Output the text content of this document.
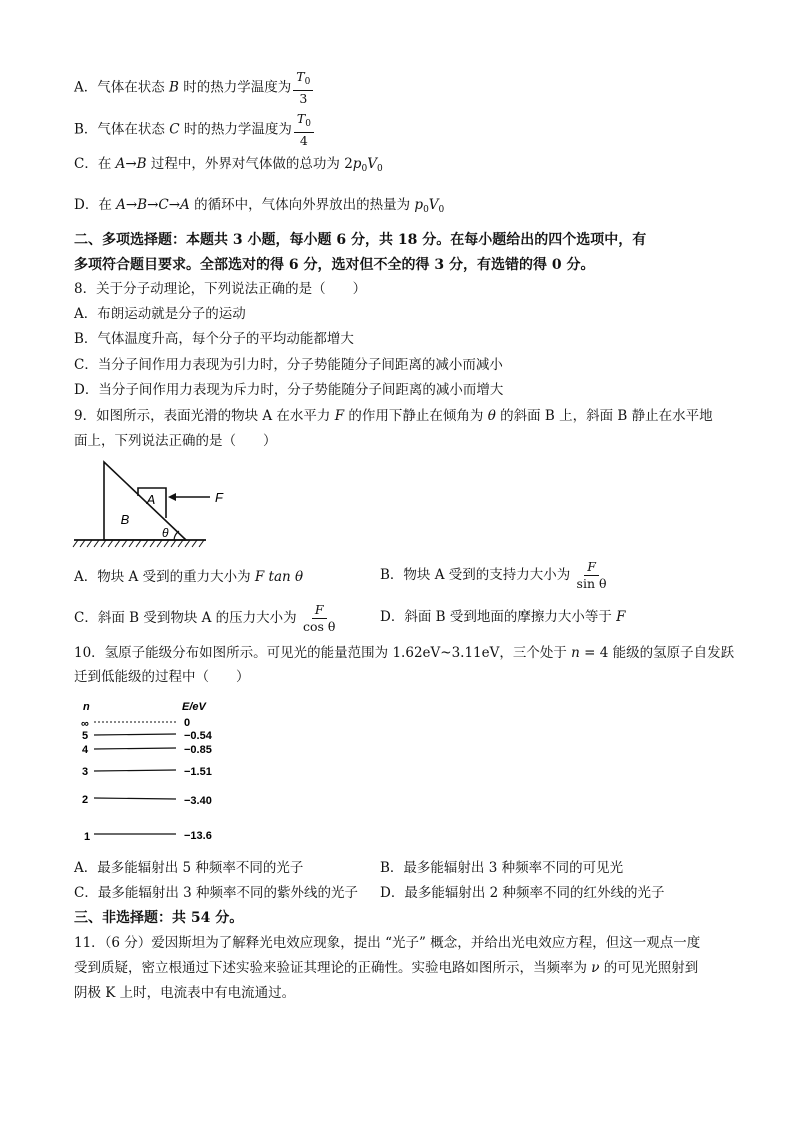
A．气体在状态 B 时的热力学温度为 $\frac{T_0}{3}$
B．气体在状态 C 时的热力学温度为 $\frac{T_0}{4}$
C．在 A→B 过程中，外界对气体做的总功为 $2p_0V_0$
D．在 A→B→C→A 的循环中，气体向外界放出的热量为 $p_0V_0$
二、多项选择题：本题共 3 小题，每小题 6 分，共 18 分。在每小题给出的四个选项中，有
多项符合题目要求。全部选对的得 6 分，选对但不全的得 3 分，有选错的得 0 分。
8．关于分子动理论，下列说法正确的是（　　）
A．布朗运动就是分子的运动
B．气体温度升高，每个分子的平均动能都增大
C．当分子间作用力表现为引力时，分子势能随分子间距离的减小而减小
D．当分子间作用力表现为斥力时，分子势能随分子间距离的减小而增大
9．如图所示，表面光滑的物块 A 在水平力 F 的作用下静止在倾角为 θ 的斜面 B 上，斜面 B 静止在水平地
面上，下列说法正确的是（　　）
A
B
F
θ
A．物块 A 受到的重力大小为 F tan θ	B．物块 A 受到的支持力大小为 $\frac{F}{\text{sin θ}}$
C．斜面 B 受到物块 A 的压力大小为 $\frac{F}{\text{cos θ}}$	D．斜面 B 受到地面的摩擦力大小等于 F
10．氢原子能级分布如图所示。可见光的能量范围为 1.62eV~3.11eV，三个处于 n = 4 能级的氢原子自发跃
迁到低能级的过程中（　　）
n	E/eV
∞	0
5	−0.54
4	−0.85
3	−1.51
2	−3.40
1	−13.6
A．最多能辐射出 5 种频率不同的光子	B．最多能辐射出 3 种频率不同的可见光
C．最多能辐射出 3 种频率不同的紫外线的光子 D．最多能辐射出 2 种频率不同的红外线的光子
三、非选择题：共 54 分。
11．（6 分）爱因斯坦为了解释光电效应现象，提出 “光子” 概念，并给出光电效应方程，但这一观点一度
受到质疑，密立根通过下述实验来验证其理论的正确性。实验电路如图所示，当频率为 ν 的可见光照射到
阴极 K 上时，电流表中有电流通过。
